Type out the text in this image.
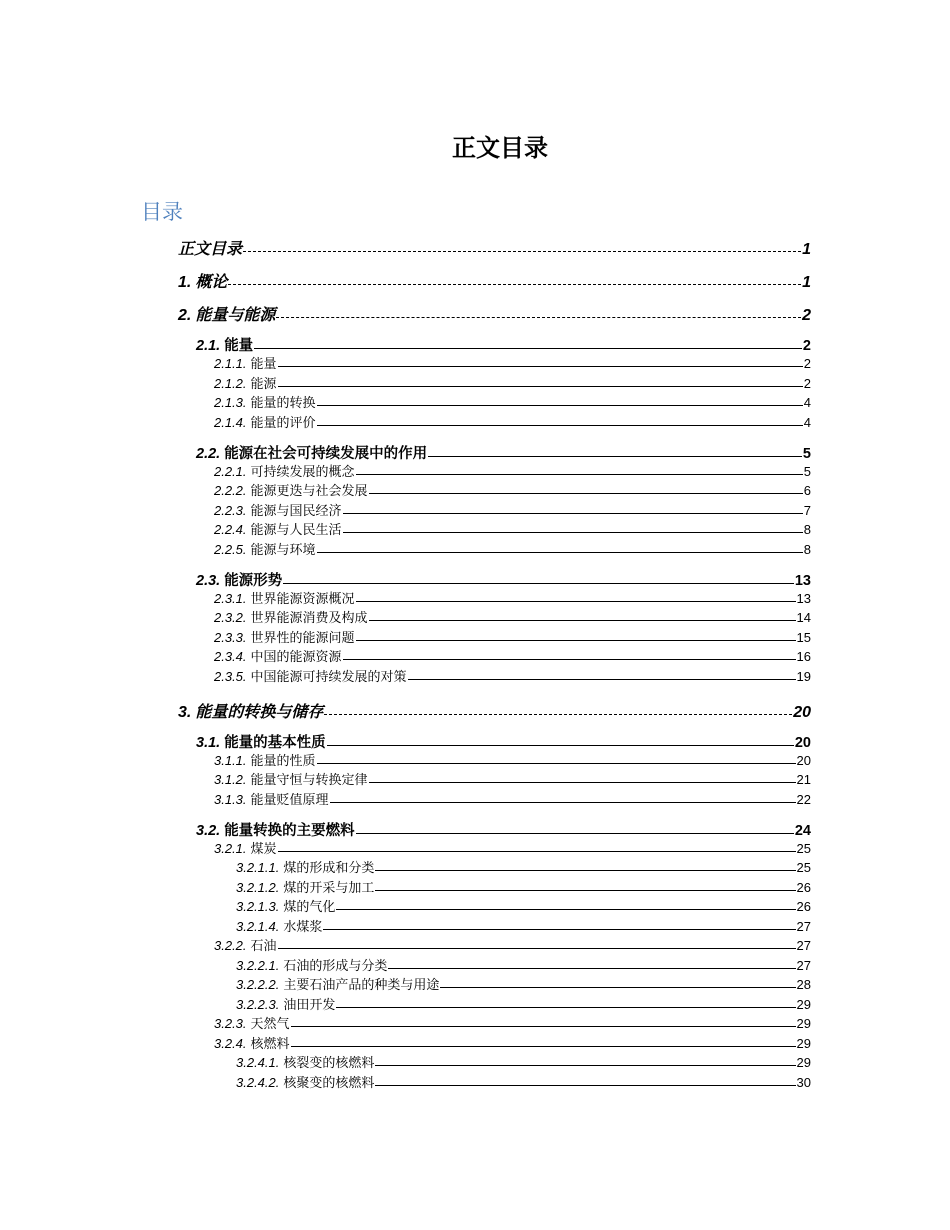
正文目录
目录
正文目录	1
1. 概论	1
2. 能量与能源	2
2.1. 能量	2
2.1.1. 能量	2
2.1.2. 能源	2
2.1.3. 能量的转换	4
2.1.4. 能量的评价	4
2.2. 能源在社会可持续发展中的作用	5
2.2.1. 可持续发展的概念	5
2.2.2. 能源更迭与社会发展	6
2.2.3. 能源与国民经济	7
2.2.4. 能源与人民生活	8
2.2.5. 能源与环境	8
2.3. 能源形势	13
2.3.1. 世界能源资源概况	13
2.3.2. 世界能源消费及构成	14
2.3.3. 世界性的能源问题	15
2.3.4. 中国的能源资源	16
2.3.5. 中国能源可持续发展的对策	19
3. 能量的转换与储存	20
3.1. 能量的基本性质	20
3.1.1. 能量的性质	20
3.1.2. 能量守恒与转换定律	21
3.1.3. 能量贬值原理	22
3.2. 能量转换的主要燃料	24
3.2.1. 煤炭	25
3.2.1.1. 煤的形成和分类	25
3.2.1.2. 煤的开采与加工	26
3.2.1.3. 煤的气化	26
3.2.1.4. 水煤浆	27
3.2.2. 石油	27
3.2.2.1. 石油的形成与分类	27
3.2.2.2. 主要石油产品的种类与用途	28
3.2.2.3. 油田开发	29
3.2.3. 天然气	29
3.2.4. 核燃料	29
3.2.4.1. 核裂变的核燃料	29
3.2.4.2. 核聚变的核燃料	30
